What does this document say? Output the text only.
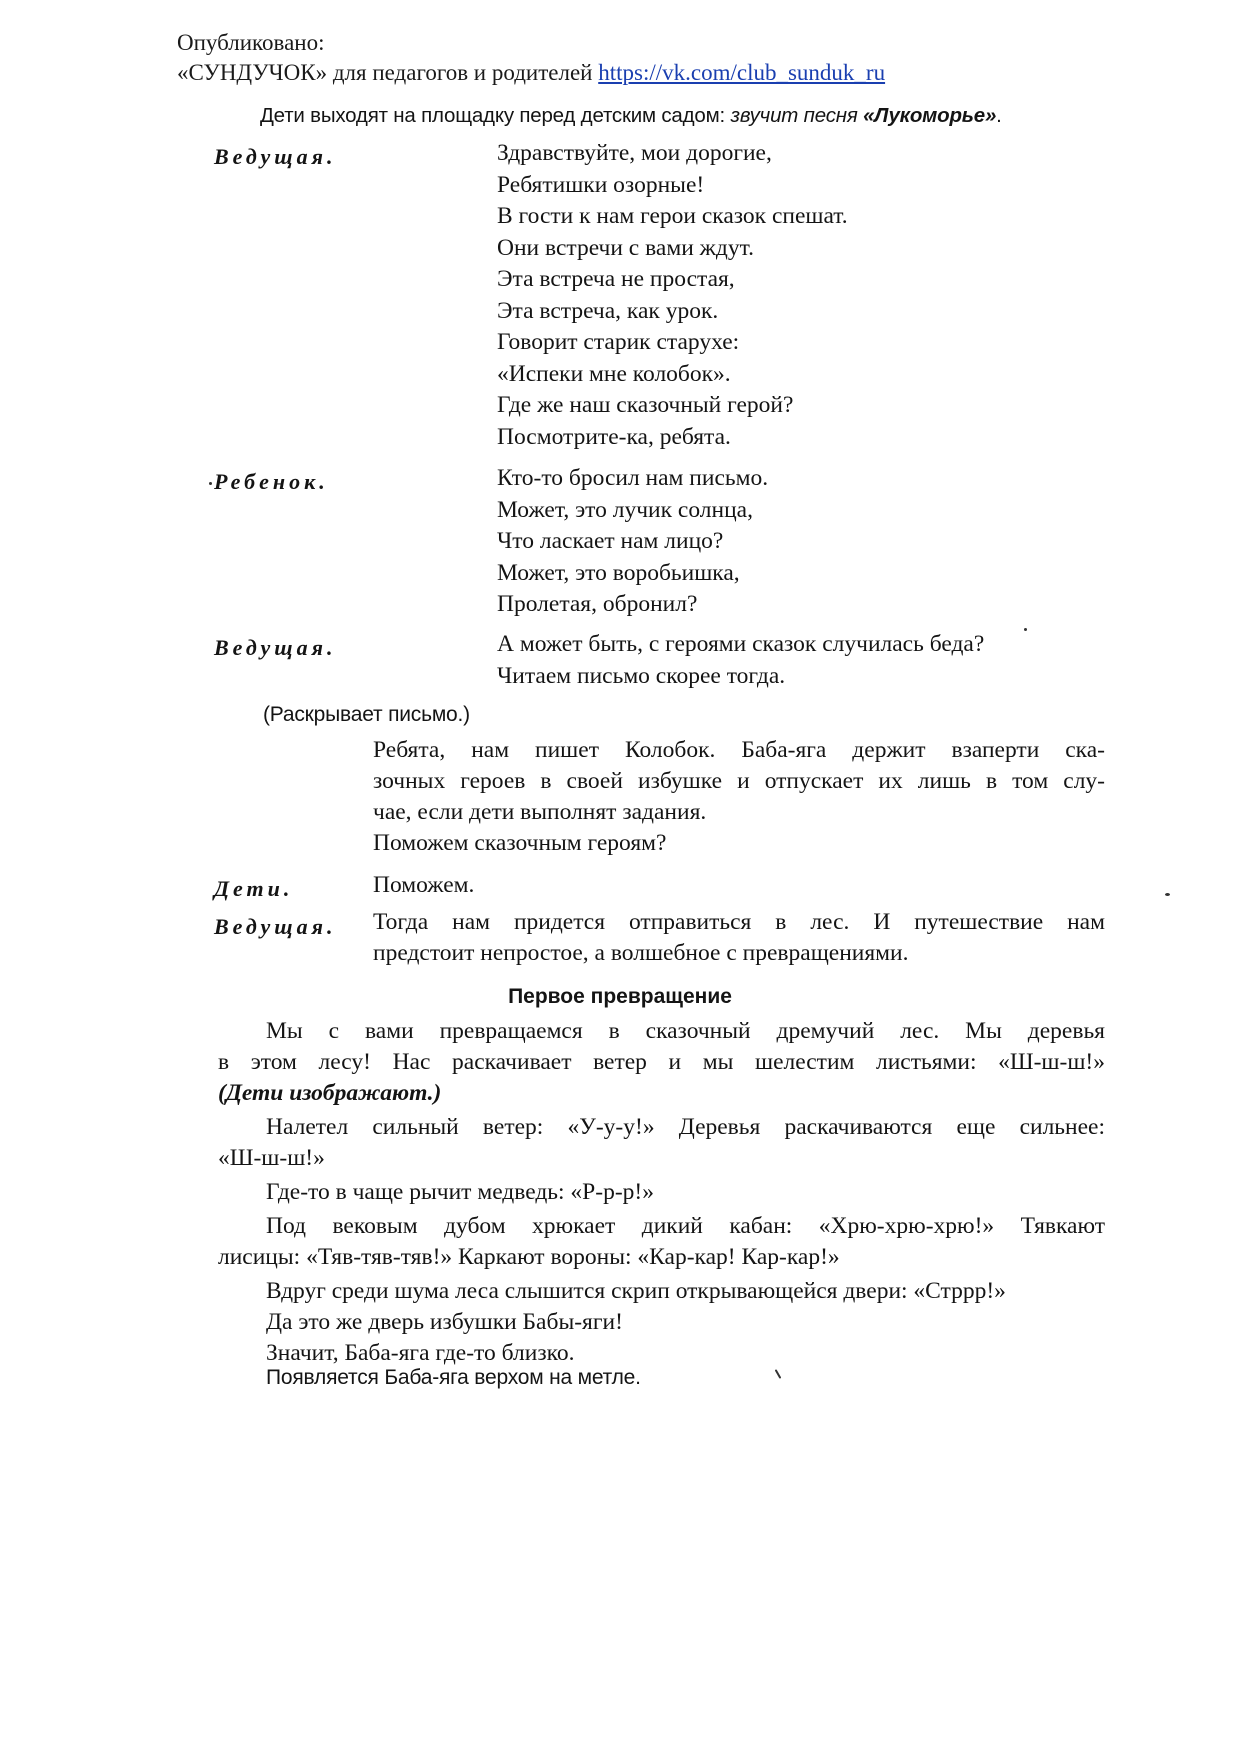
Опубликовано:
«СУНДУЧОК» для педагогов и родителей https://vk.com/club_sunduk_ru
Дети выходят на площадку перед детским садом: звучит песня «Лукоморье».
Ведущая.	Здравствуйте, мои дорогие,
Ребятишки озорные!
В гости к нам герои сказок спешат.
Они встречи с вами ждут.
Эта встреча не простая,
Эта встреча, как урок.
Говорит старик старухе:
«Испеки мне колобок».
Где же наш сказочный герой?
Посмотрите-ка, ребята.
Ребенок.	Кто-то бросил нам письмо.
Может, это лучик солнца,
Что ласкает нам лицо?
Может, это воробьишка,
Пролетая, обронил?
Ведущая.	А может быть, с героями сказок случилась беда?
Читаем письмо скорее тогда.
(Раскрывает письмо.)
Ребята, нам пишет Колобок. Баба-яга держит взаперти ска-
зочных героев в своей избушке и отпускает их лишь в том слу-
чае, если дети выполнят задания.
Поможем сказочным героям?
Дети.	Поможем.
Ведущая. Тогда нам придется отправиться в лес. И путешествие нам
предстоит непростое, а волшебное с превращениями.
Первое превращение
Мы с вами превращаемся в сказочный дремучий лес. Мы деревья
в этом лесу! Нас раскачивает ветер и мы шелестим листьями: «Ш-ш-ш!»
(Дети изображают.)
Налетел сильный ветер: «У-у-у!» Деревья раскачиваются еще сильнее:
«Ш-ш-ш!»
Где-то в чаще рычит медведь: «Р-р-р!»
Под вековым дубом хрюкает дикий кабан: «Хрю-хрю-хрю!» Тявкают
лисицы: «Тяв-тяв-тяв!» Каркают вороны: «Кар-кар! Кар-кар!»
Вдруг среди шума леса слышится скрип открывающейся двери: «Стррр!»
Да это же дверь избушки Бабы-яги!
Значит, Баба-яга где-то близко.
Появляется Баба-яга верхом на метле.
